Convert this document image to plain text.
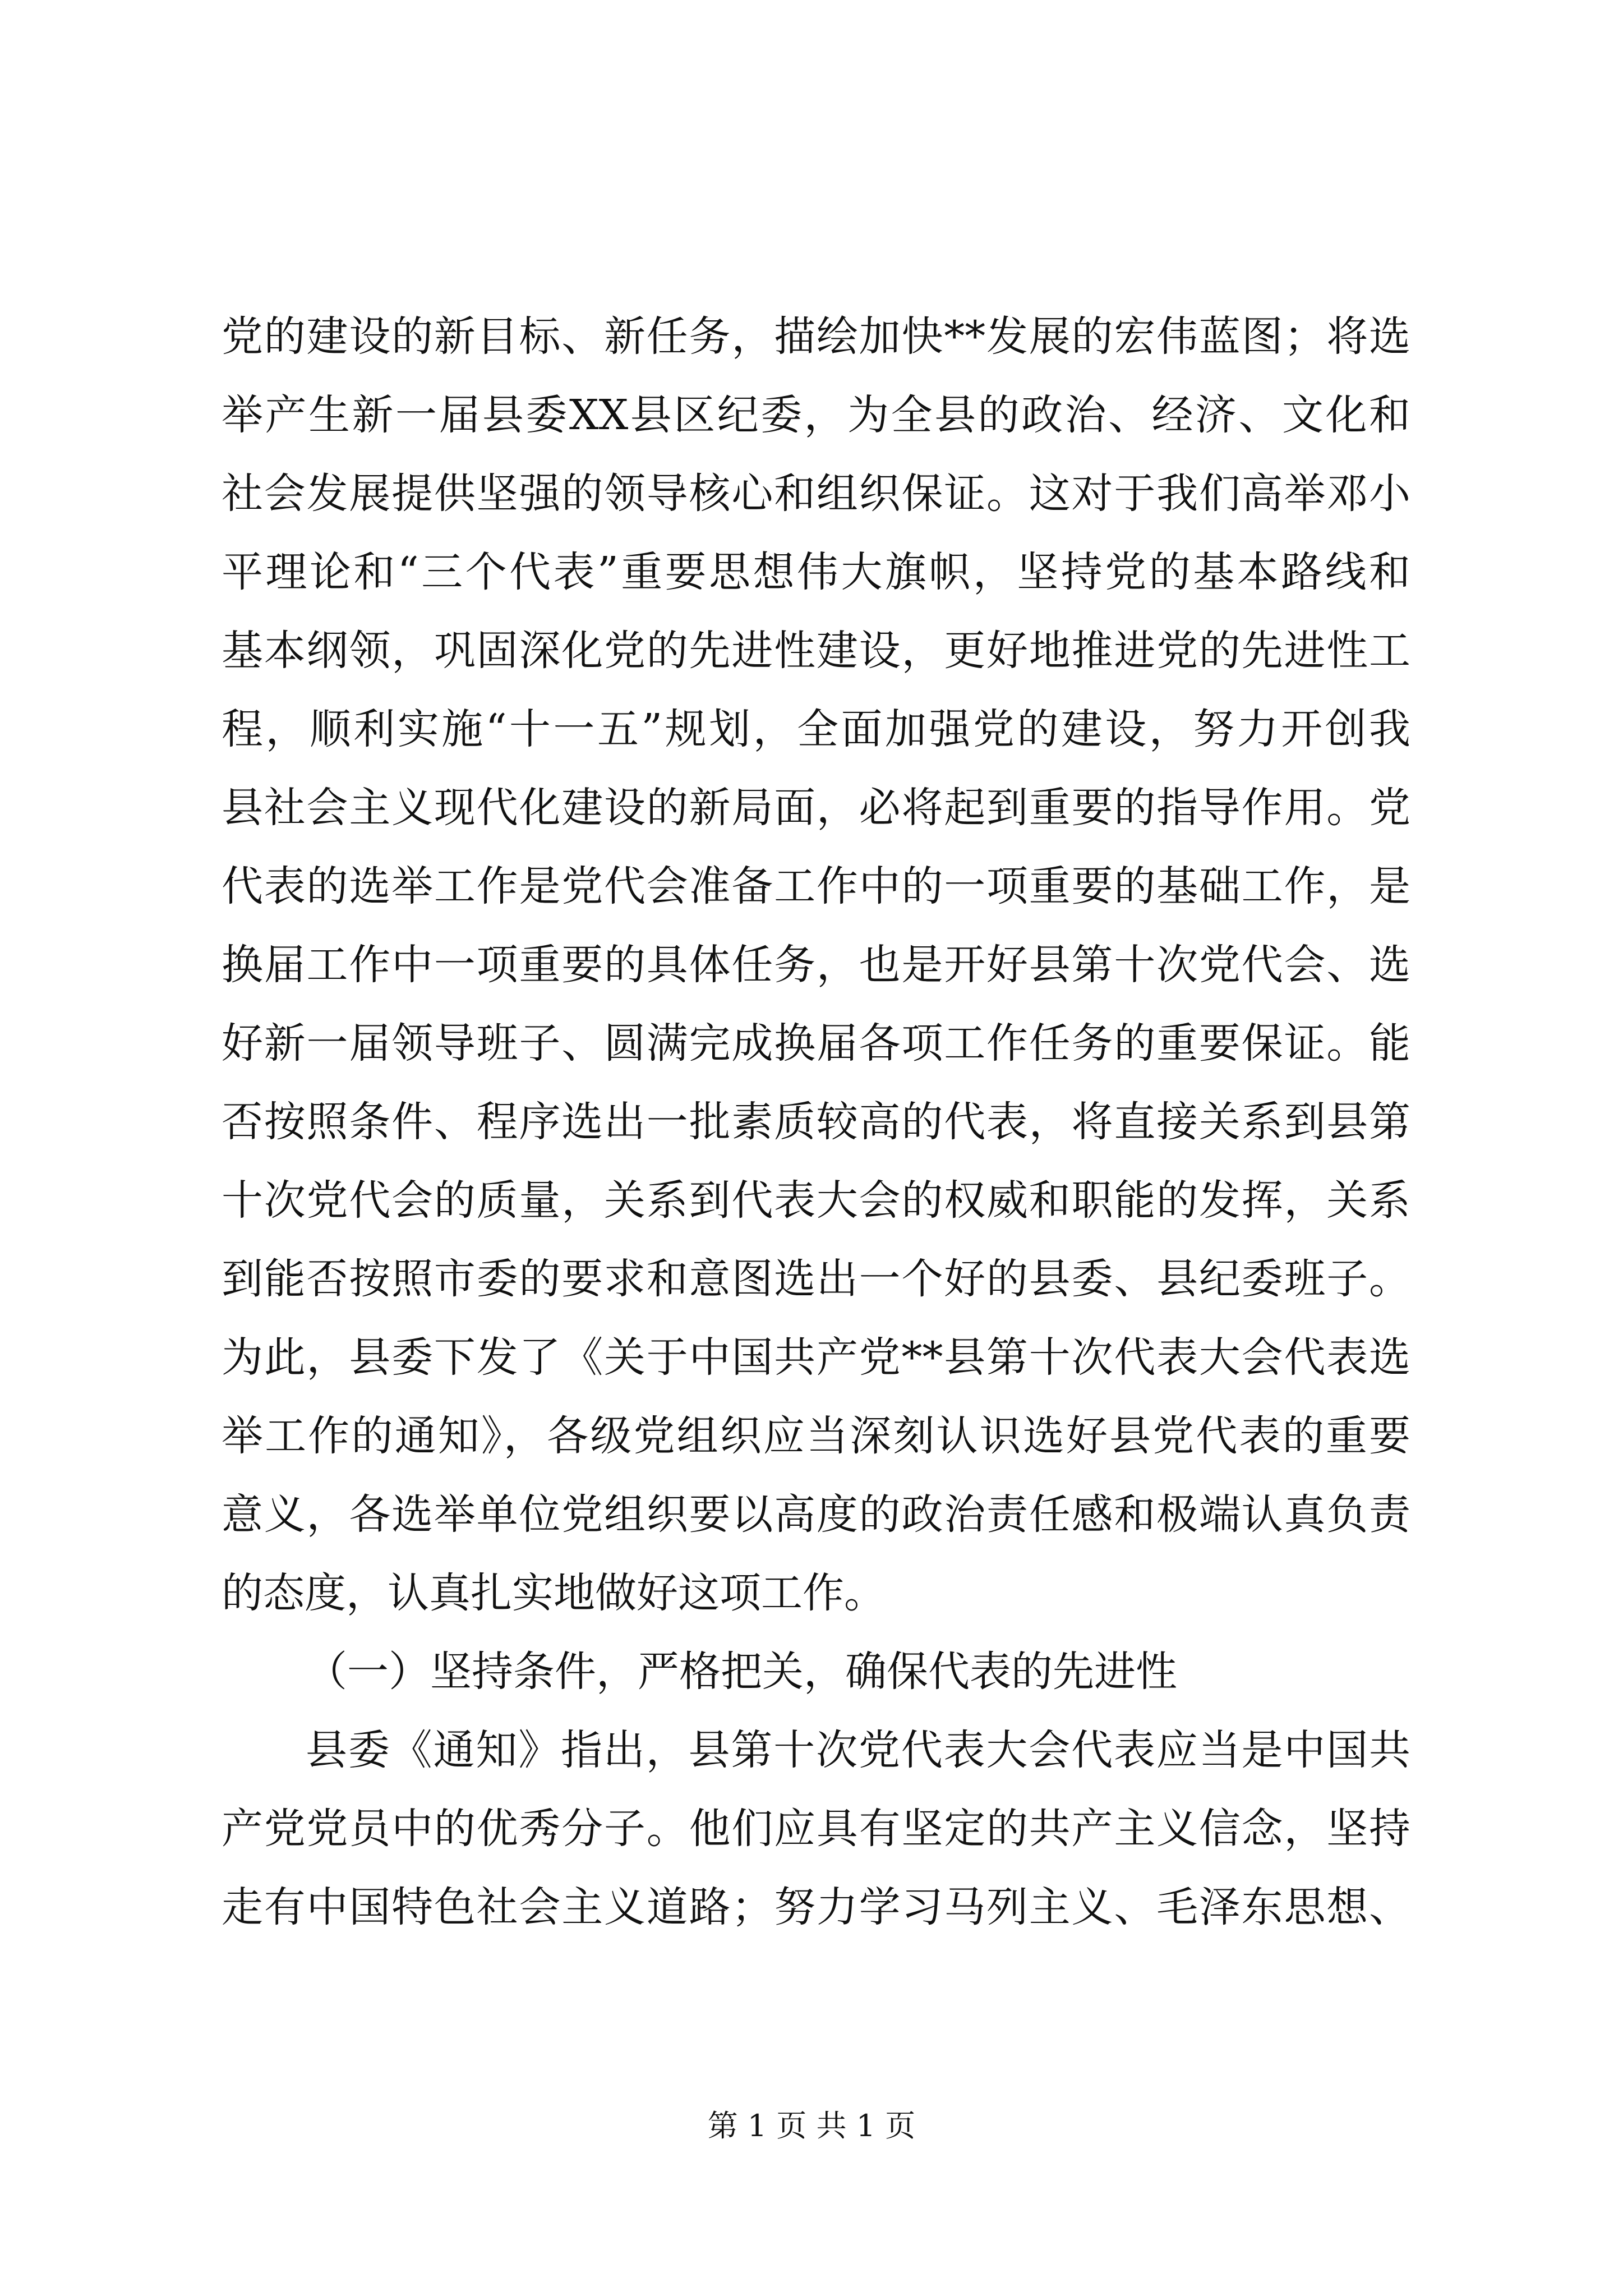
党的建设的新目标、新任务，描绘加快**发展的宏伟蓝图；将选
举产生新一届县委XX县区纪委，为全县的政治、经济、文化和
社会发展提供坚强的领导核心和组织保证。这对于我们高举邓小
平理论和“三个代表”重要思想伟大旗帜，坚持党的基本路线和
基本纲领，巩固深化党的先进性建设，更好地推进党的先进性工
程，顺利实施“十一五”规划，全面加强党的建设，努力开创我
县社会主义现代化建设的新局面，必将起到重要的指导作用。党
代表的选举工作是党代会准备工作中的一项重要的基础工作，是
换届工作中一项重要的具体任务，也是开好县第十次党代会、选
好新一届领导班子、圆满完成换届各项工作任务的重要保证。能
否按照条件、程序选出一批素质较高的代表，将直接关系到县第
十次党代会的质量，关系到代表大会的权威和职能的发挥，关系
到能否按照市委的要求和意图选出一个好的县委、县纪委班子。
为此，县委下发了《关于中国共产党**县第十次代表大会代表选
举工作的通知》，各级党组织应当深刻认识选好县党代表的重要
意义，各选举单位党组织要以高度的政治责任感和极端认真负责
的态度，认真扎实地做好这项工作。
（一）坚持条件，严格把关，确保代表的先进性
县委《通知》指出，县第十次党代表大会代表应当是中国共
产党党员中的优秀分子。他们应具有坚定的共产主义信念，坚持
走有中国特色社会主义道路；努力学习马列主义、毛泽东思想、
第 1 页 共 1 页
